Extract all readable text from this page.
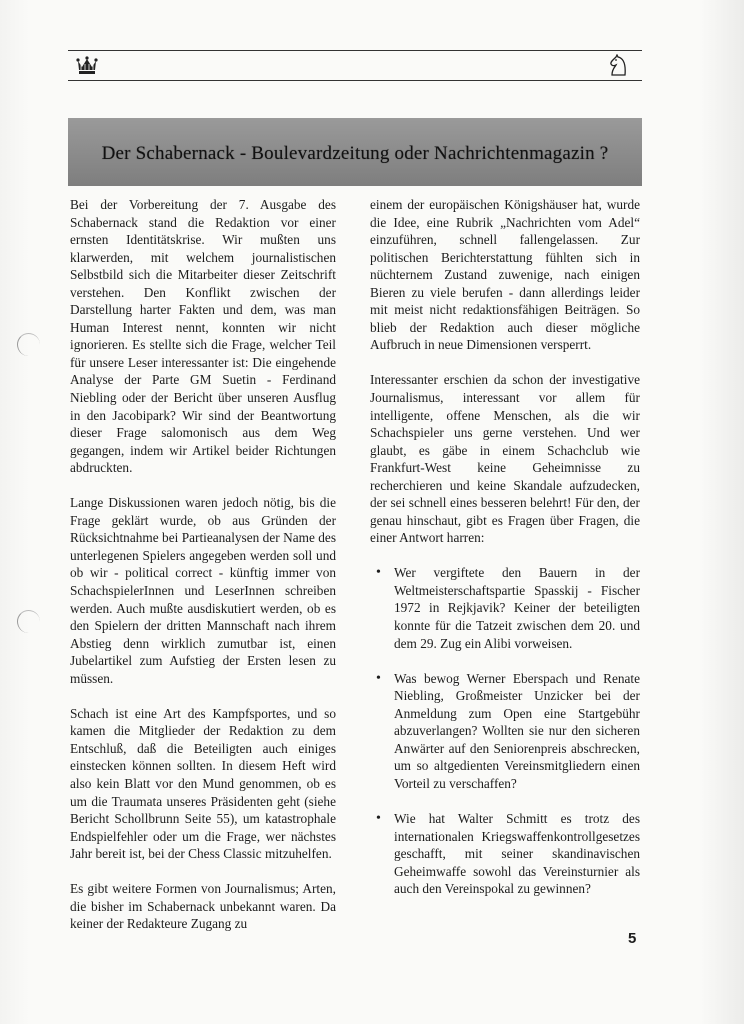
Der Schabernack - Boulevardzeitung oder Nachrichtenmagazin ?

Bei der Vorbereitung der 7. Ausgabe des Schabernack stand die Redaktion vor einer ernsten Identitätskrise. Wir mußten uns klarwerden, mit welchem journalistischen Selbstbild sich die Mitarbeiter dieser Zeitschrift verstehen. Den Konflikt zwischen der Darstellung harter Fakten und dem, was man Human Interest nennt, konnten wir nicht ignorieren. Es stellte sich die Frage, welcher Teil für unsere Leser interessanter ist: Die eingehende Analyse der Parte GM Suetin - Ferdinand Niebling oder der Bericht über unseren Ausflug in den Jacobipark? Wir sind der Beantwortung dieser Frage salomonisch aus dem Weg gegangen, indem wir Artikel beider Richtungen abdruckten.

Lange Diskussionen waren jedoch nötig, bis die Frage geklärt wurde, ob aus Gründen der Rücksichtnahme bei Partieanalysen der Name des unterlegenen Spielers angegeben werden soll und ob wir - political correct - künftig immer von SchachspielerInnen und LeserInnen schreiben werden. Auch mußte ausdiskutiert werden, ob es den Spielern der dritten Mannschaft nach ihrem Abstieg denn wirklich zumutbar ist, einen Jubelartikel zum Aufstieg der Ersten lesen zu müssen.

Schach ist eine Art des Kampfsportes, und so kamen die Mitglieder der Redaktion zu dem Entschluß, daß die Beteiligten auch einiges einstecken können sollten. In diesem Heft wird also kein Blatt vor den Mund genommen, ob es um die Traumata unseres Präsidenten geht (siehe Bericht Schollbrunn Seite 55), um katastrophale Endspielfehler oder um die Frage, wer nächstes Jahr bereit ist, bei der Chess Classic mitzuhelfen.

Es gibt weitere Formen von Journalismus; Arten, die bisher im Schabernack unbekannt waren. Da keiner der Redakteure Zugang zu

einem der europäischen Königshäuser hat, wurde die Idee, eine Rubrik „Nachrichten vom Adel“ einzuführen, schnell fallengelassen. Zur politischen Berichterstattung fühlten sich in nüchternem Zustand zuwenige, nach einigen Bieren zu viele berufen - dann allerdings leider mit meist nicht redaktionsfähigen Beiträgen. So blieb der Redaktion auch dieser mögliche Aufbruch in neue Dimensionen versperrt.

Interessanter erschien da schon der investigative Journalismus, interessant vor allem für intelligente, offene Menschen, als die wir Schachspieler uns gerne verstehen. Und wer glaubt, es gäbe in einem Schachclub wie Frankfurt-West keine Geheimnisse zu recherchieren und keine Skandale aufzudecken, der sei schnell eines besseren belehrt! Für den, der genau hinschaut, gibt es Fragen über Fragen, die einer Antwort harren:

• Wer vergiftete den Bauern in der Weltmeisterschaftspartie Spasskij - Fischer 1972 in Rejkjavik? Keiner der beteiligten konnte für die Tatzeit zwischen dem 20. und dem 29. Zug ein Alibi vorweisen.
• Was bewog Werner Eberspach und Renate Niebling, Großmeister Unzicker bei der Anmeldung zum Open eine Startgebühr abzuverlangen? Wollten sie nur den sicheren Anwärter auf den Seniorenpreis abschrecken, um so altgedienten Vereinsmitgliedern einen Vorteil zu verschaffen?
• Wie hat Walter Schmitt es trotz des internationalen Kriegswaffenkontrollgesetzes geschafft, mit seiner skandinavischen Geheimwaffe sowohl das Vereinsturnier als auch den Vereinspokal zu gewinnen?
5
